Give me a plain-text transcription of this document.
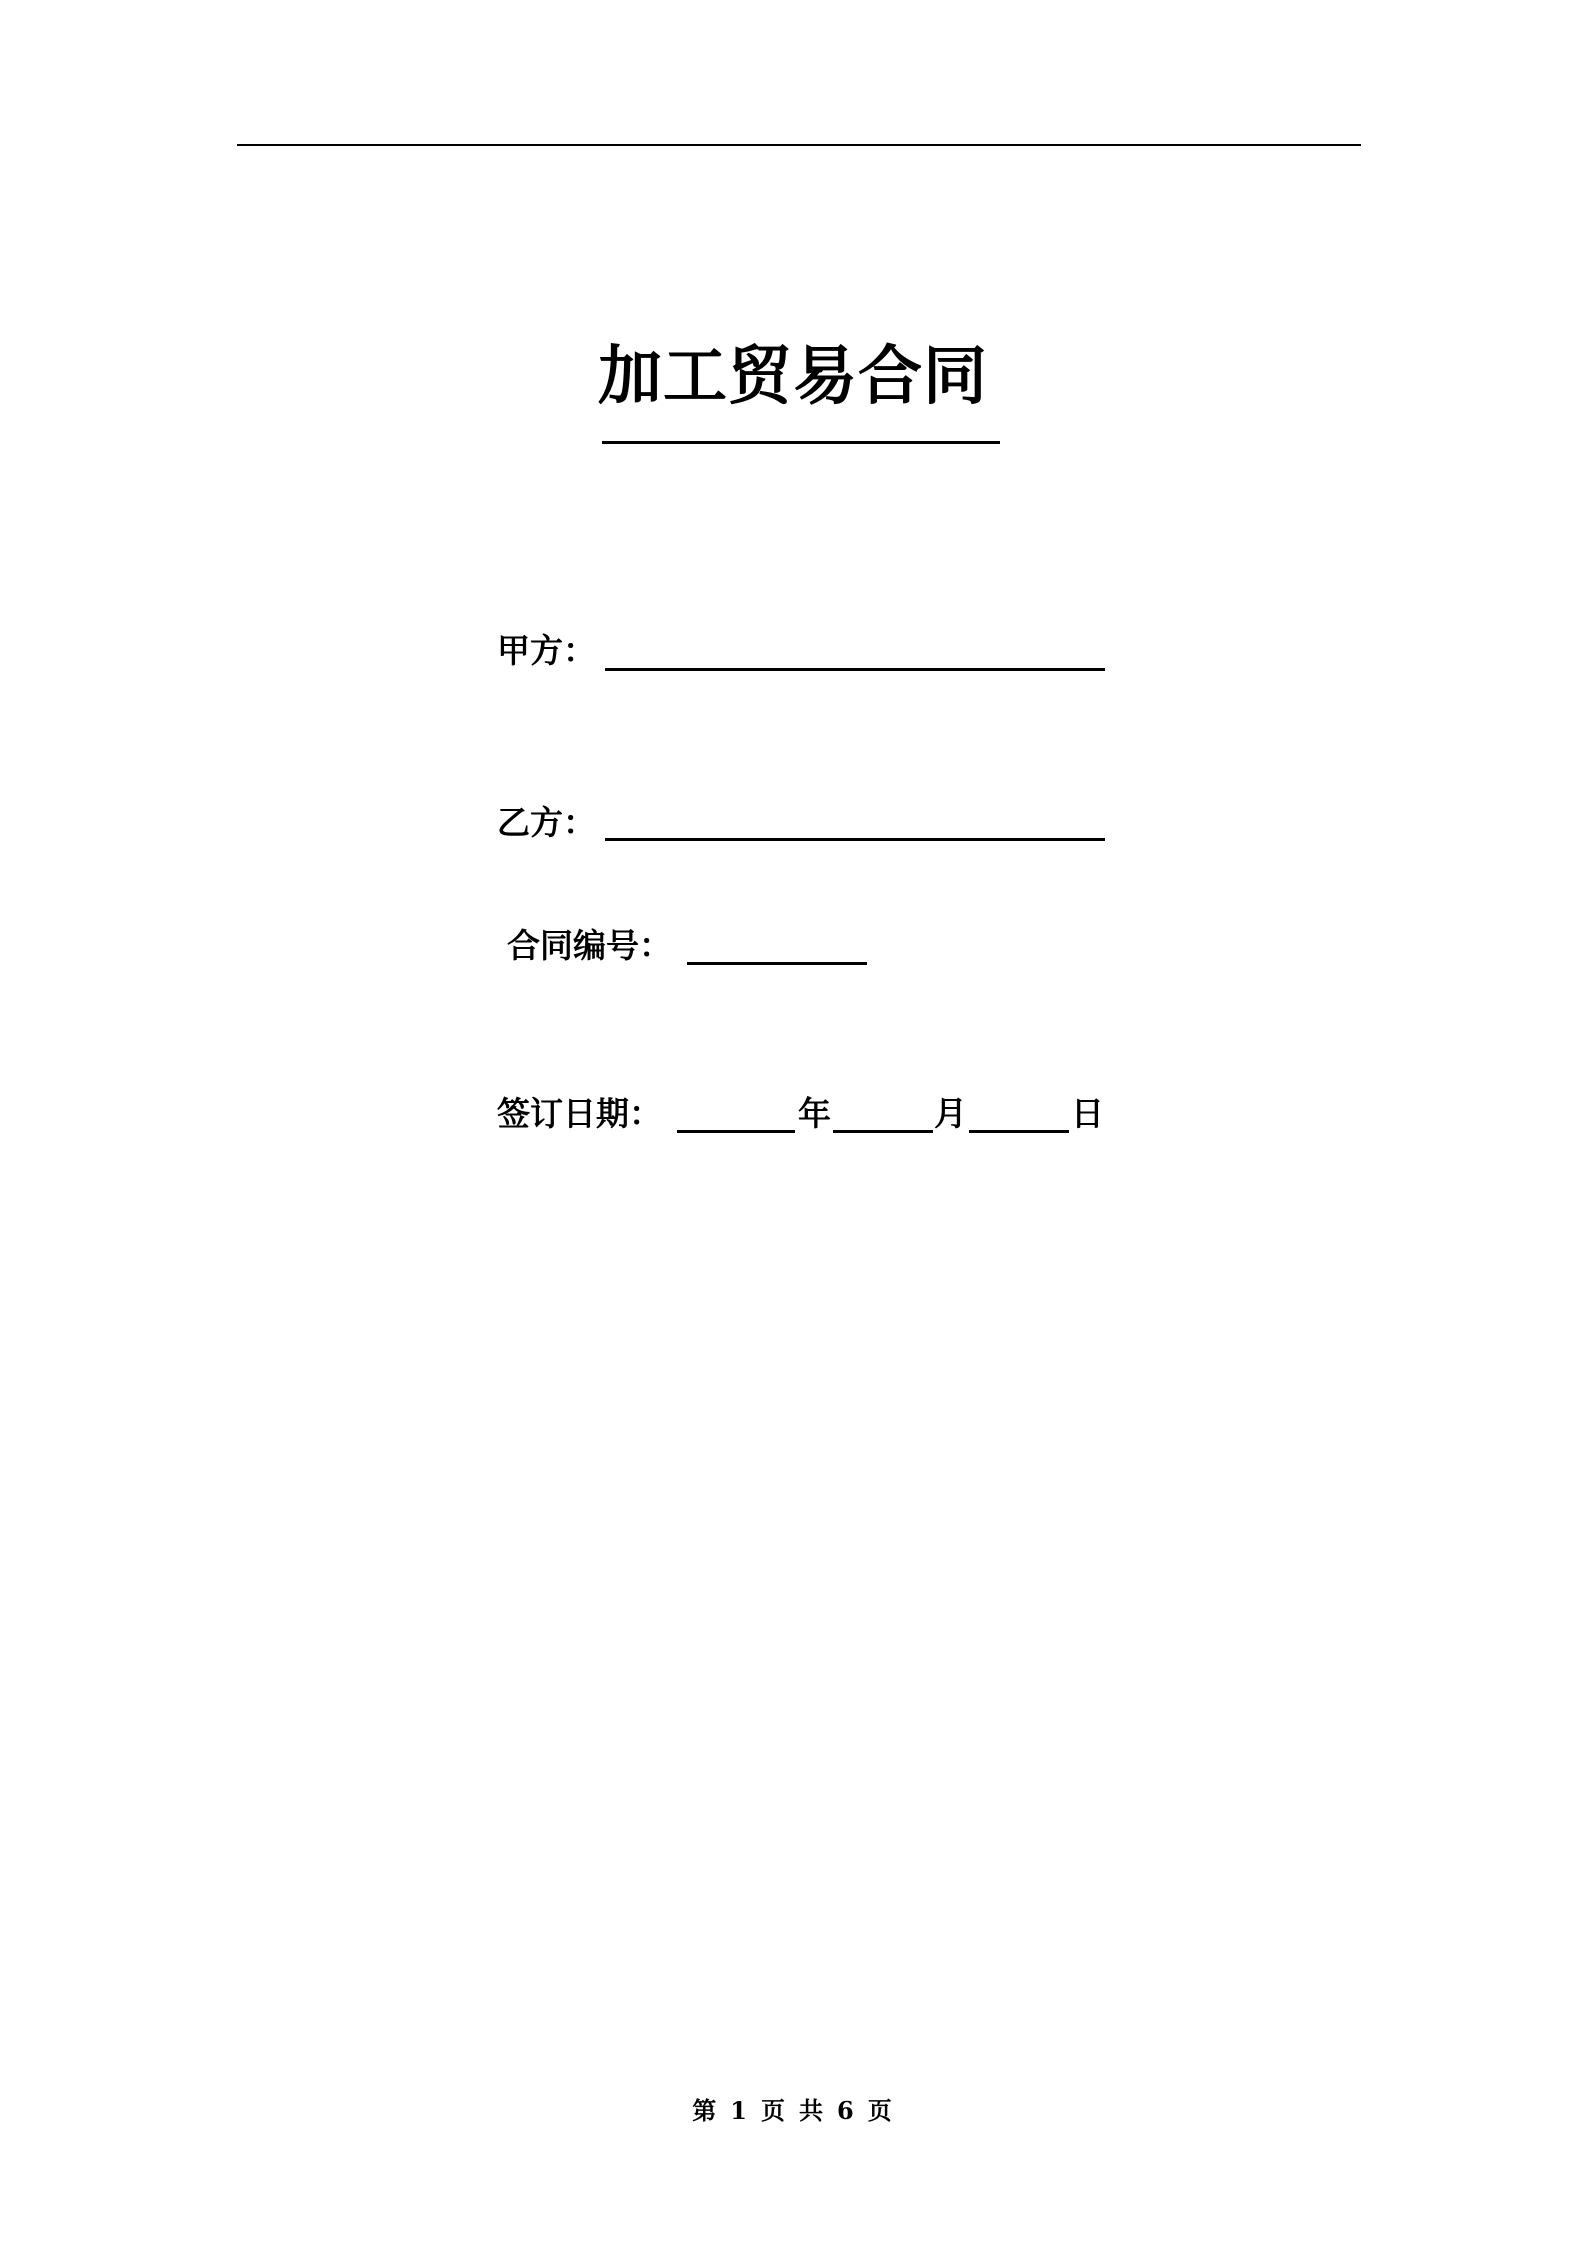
加工贸易合同
甲方：
乙方：
合同编号：
签订日期：	年	月	日
第 1 页 共 6 页
